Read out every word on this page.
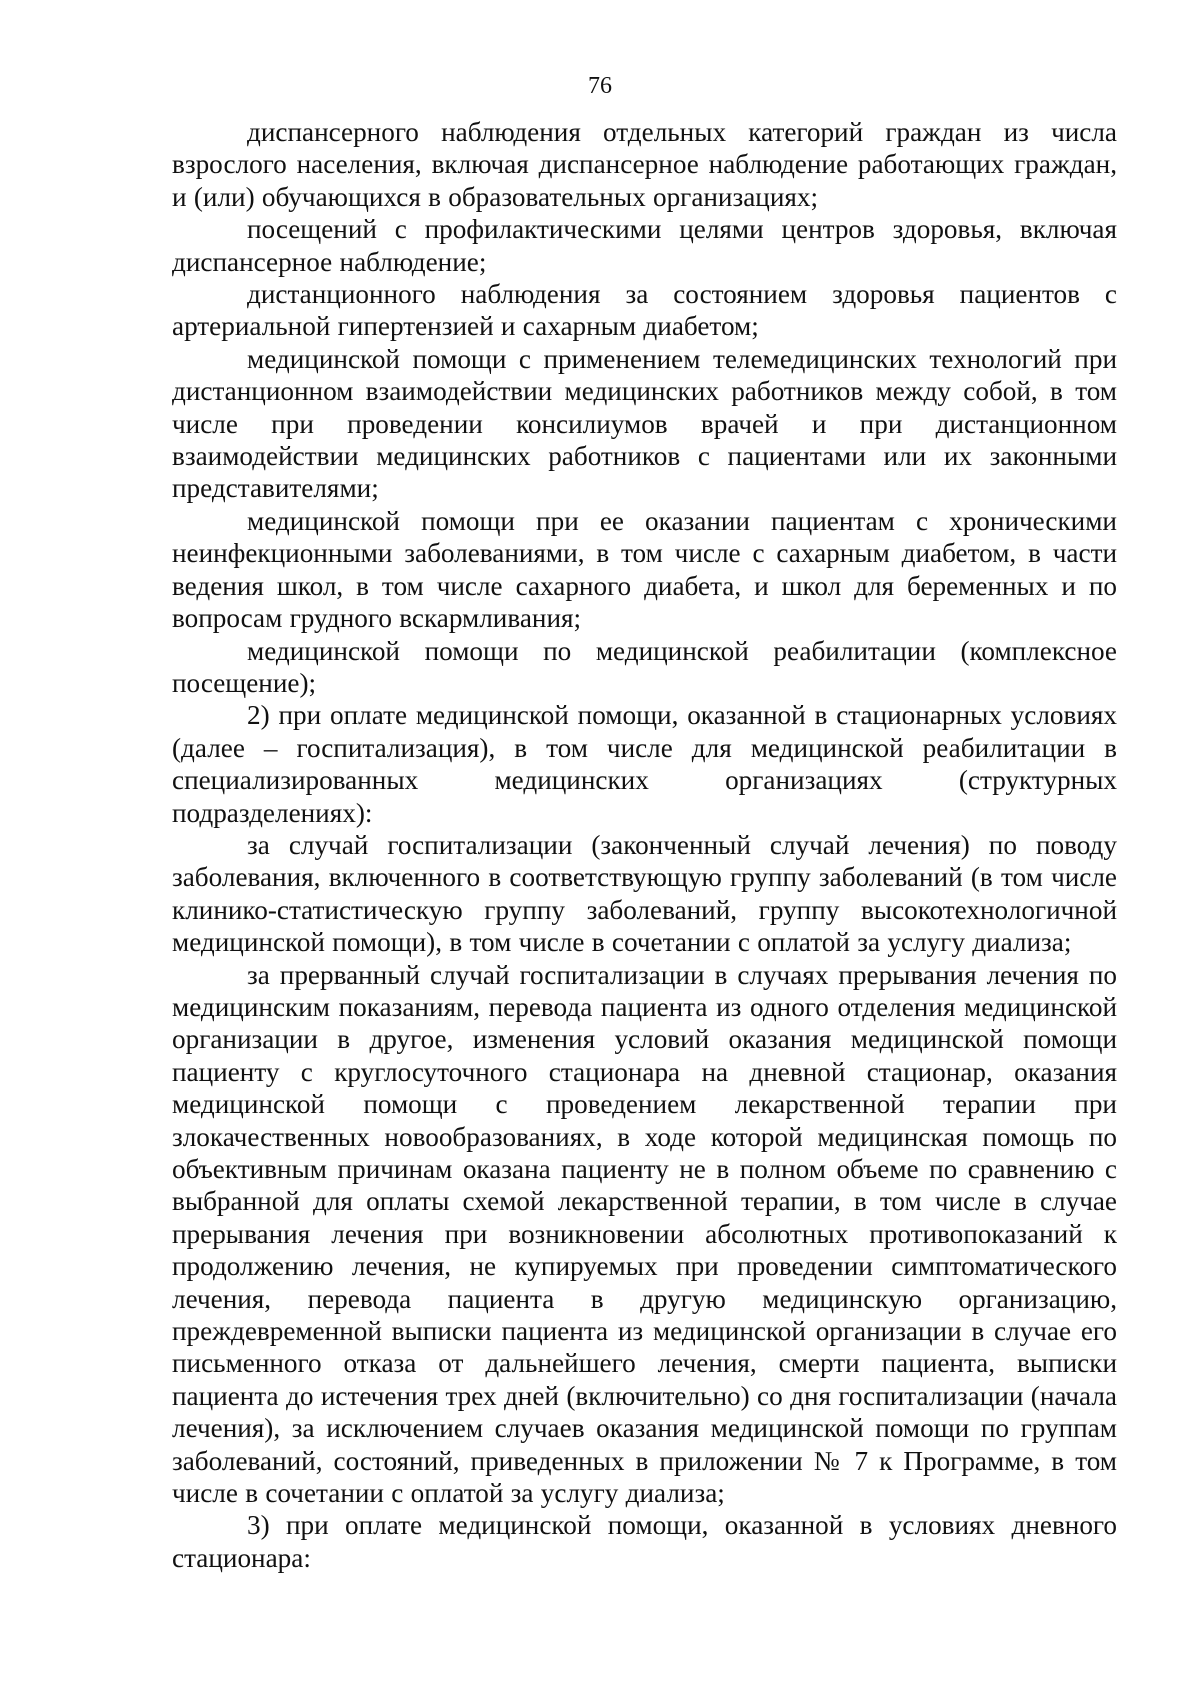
76

диспансерного наблюдения отдельных категорий граждан из числа взрослого населения, включая диспансерное наблюдение работающих граждан, и (или) обучающихся в образовательных организациях;

посещений с профилактическими целями центров здоровья, включая диспансерное наблюдение;

дистанционного наблюдения за состоянием здоровья пациентов с артериальной гипертензией и сахарным диабетом;

медицинской помощи с применением телемедицинских технологий при дистанционном взаимодействии медицинских работников между собой, в том числе при проведении консилиумов врачей и при дистанционном взаимодействии медицинских работников с пациентами или их законными представителями;

медицинской помощи при ее оказании пациентам с хроническими неинфекционными заболеваниями, в том числе с сахарным диабетом, в части ведения школ, в том числе сахарного диабета, и школ для беременных и по вопросам грудного вскармливания;

медицинской помощи по медицинской реабилитации (комплексное посещение);

2) при оплате медицинской помощи, оказанной в стационарных условиях (далее – госпитализация), в том числе для медицинской реабилитации в специализированных медицинских организациях (структурных подразделениях):

за случай госпитализации (законченный случай лечения) по поводу заболевания, включенного в соответствующую группу заболеваний (в том числе клинико-статистическую группу заболеваний, группу высокотехнологичной медицинской помощи), в том числе в сочетании с оплатой за услугу диализа;

за прерванный случай госпитализации в случаях прерывания лечения по медицинским показаниям, перевода пациента из одного отделения медицинской организации в другое, изменения условий оказания медицинской помощи пациенту с круглосуточного стационара на дневной стационар, оказания медицинской помощи с проведением лекарственной терапии при злокачественных новообразованиях, в ходе которой медицинская помощь по объективным причинам оказана пациенту не в полном объеме по сравнению с выбранной для оплаты схемой лекарственной терапии, в том числе в случае прерывания лечения при возникновении абсолютных противопоказаний к продолжению лечения, не купируемых при проведении симптоматического лечения, перевода пациента в другую медицинскую организацию, преждевременной выписки пациента из медицинской организации в случае его письменного отказа от дальнейшего лечения, смерти пациента, выписки пациента до истечения трех дней (включительно) со дня госпитализации (начала лечения), за исключением случаев оказания медицинской помощи по группам заболеваний, состояний, приведенных в приложении № 7 к Программе, в том числе в сочетании с оплатой за услугу диализа;

3) при оплате медицинской помощи, оказанной в условиях дневного стационара:
